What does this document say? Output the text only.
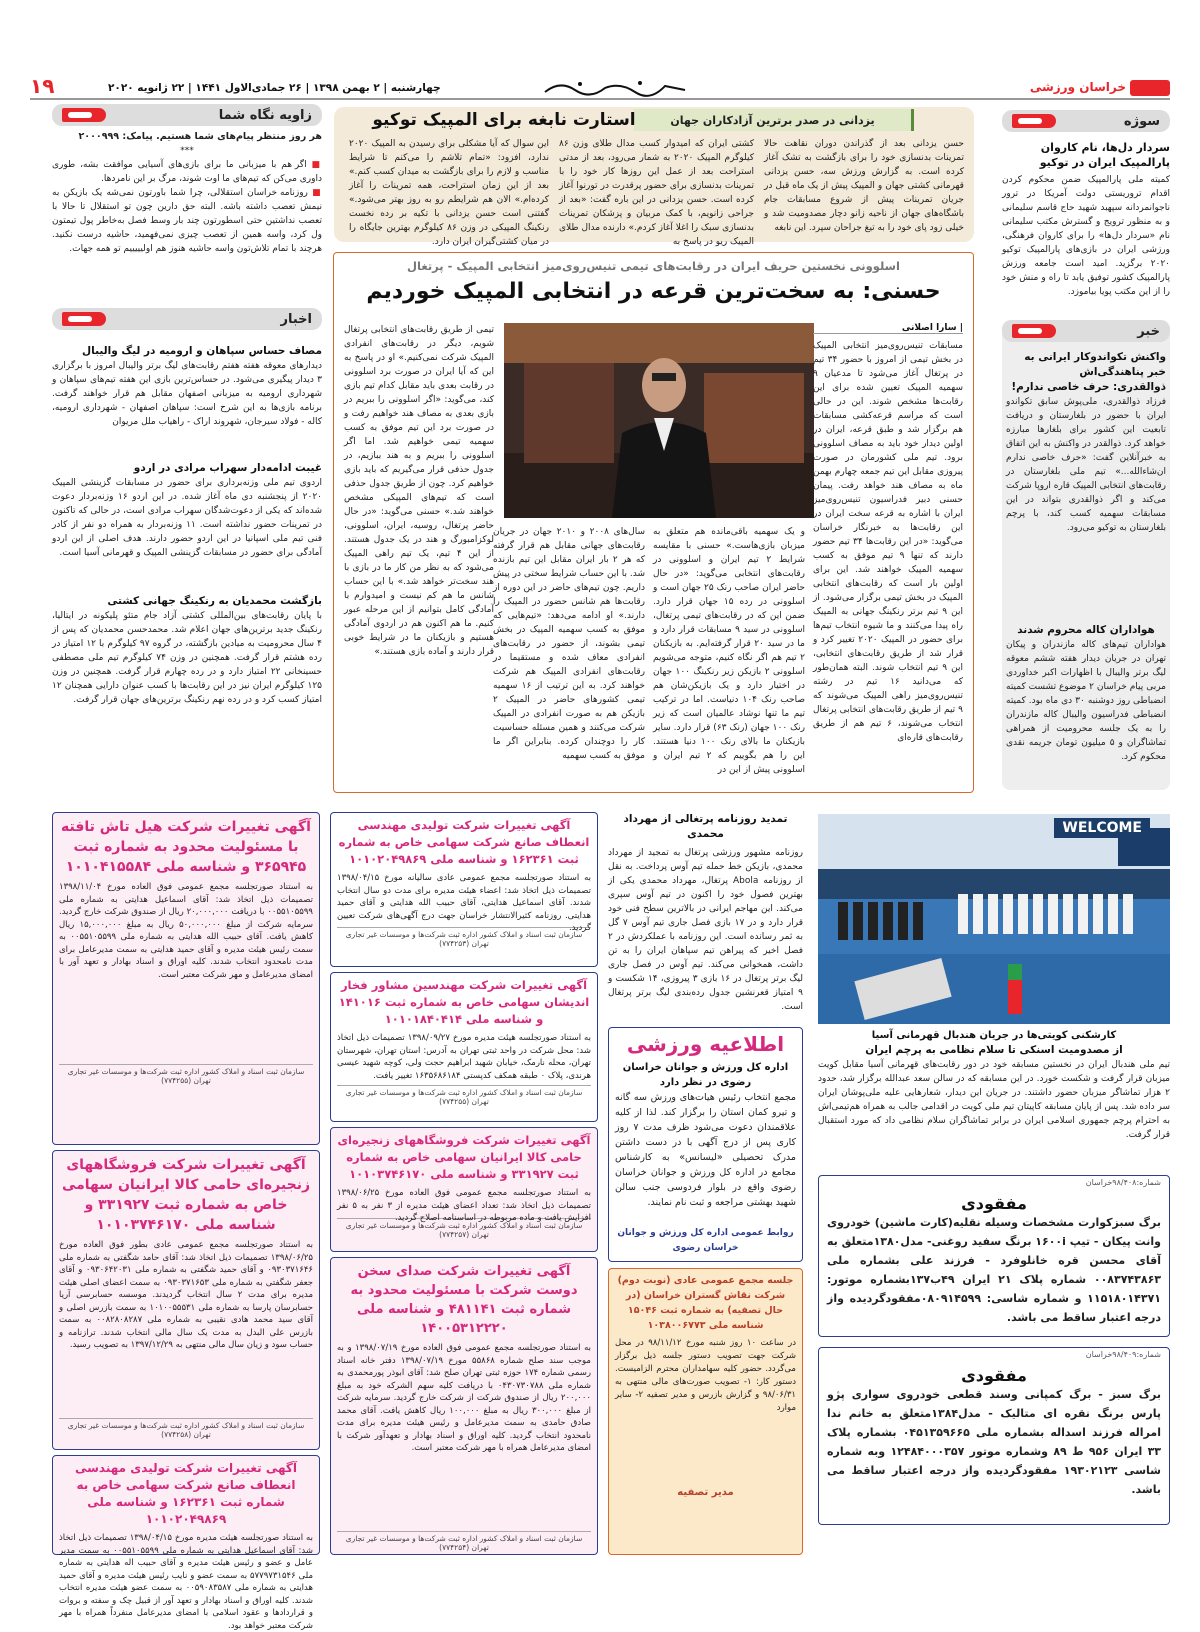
خراسان ورزشی
چهارشنبه | ۲ بهمن ۱۳۹۸ | ۲۶ جمادی‌الاول ۱۴۴۱ | ۲۲ ژانویه ۲۰۲۰
۱۹
سوژه
سردار دل‌ها، نام کاروان
پارالمپیک ایران در توکیو
کمیته ملی پارالمپیک ضمن محکوم کردن اقدام تروریستی دولت آمریکا در ترور ناجوانمردانه سپهبد شهید حاج قاسم سلیمانی و به منظور ترویج و گسترش مکتب سلیمانی نام «سردار دل‌ها» را برای کاروان فرهنگی، ورزشی ایران در بازی‌های پارالمپیک توکیو ۲۰۲۰ برگزید. امید است جامعه ورزش پارالمپیک کشور توفیق یابد تا راه و منش خود را از این مکتب پویا بیاموزد.
خبر
واکنش تکواندوکار ایرانی به خبر پناهندگی‌اش
ذوالقدری: حرف خاصی ندارم!
فرزاد ذوالقدری، ملی‌پوش سابق تکواندو ایران با حضور در بلغارستان و دریافت تابعیت این کشور برای بلغارها مبارزه خواهد کرد. ذوالقدر در واکنش به این اتفاق به خبرآنلاین گفت: «حرف خاصی ندارم ان‌شاءالله...» تیم ملی بلغارستان در رقابت‌های انتخابی المپیک قاره اروپا شرکت می‌کند و اگر ذوالقدری بتواند در این مسابقات سهمیه کسب کند، با پرچم بلغارستان به توکیو می‌رود.
هواداران کاله محروم شدند
هواداران تیم‌های کاله مازندران و پیکان تهران در جریان دیدار هفته ششم معوقه لیگ برتر والیبال با اظهارات اکبر خداوردی مربی پیام خراسان ۲ موضوع تشست کمیته انضباطی روز دوشنبه ۳۰ دی ماه بود. کمیته انضباطی فدراسیون والیبال کاله مازندران را به یک جلسه محرومیت از همراهی تماشاگران و ۵ میلیون تومان جریمه نقدی محکوم کرد.
یزدانی در صدر برترین آزادکاران جهان
استارت نابغه برای المپیک توکیو
حسن یزدانی بعد از گذراندن دوران نقاهت حالا تمرینات بدنسازی خود را برای بازگشت به تشک آغاز کرده است. به گزارش ورزش سه، حسن یزدانی قهرمانی کشتی جهان و المپیک پیش از یک ماه قبل در جریان تمرینات پیش از شروع مسابقات جام باشگاه‌های جهان از ناحیه زانو دچار مصدومیت شد و خیلی زود پای خود را به تیغ جراحان سپرد. این نابغه
کشتی ایران که امیدوار کسب مدال طلای وزن ۸۶ کیلوگرم المپیک ۲۰۲۰ به شمار می‌رود، بعد از مدتی استراحت بعد از عمل این روزها کار خود را با تمرینات بدنسازی برای حضور پرقدرت در تورنوا آغاز کرده است. حسن یزدانی در این باره گفت: «بعد از جراحی زانویم، با کمک مربیان و پزشکان تمرینات بدنسازی سبک را اغلا آغاز کردم.» دارنده مدال طلای المپیک ریو در پاسخ به
این سوال که آیا مشکلی برای رسیدن به المپیک ۲۰۲۰ ندارد، افزود: «تمام تلاشم را می‌کنم تا شرایط مناسب و لازم را برای بازگشت به میدان کسب کنم.» بعد از این زمان استراحت، همه تمرینات را آغاز کرده‌ام.» الان هم شرایطم رو به روز بهتر می‌شود.» گفتنی است حسن یزدانی با تکیه بر رده نخست رنکینگ المپیکی در وزن ۸۶ کیلوگرم بهترین جایگاه را در میان کشتی‌گیران ایران دارد.
زاویه نگاه شما
هر روز منتظر پیام‌های شما هستیم. پیامک: ۲۰۰۰۹۹۹
***
■ اگر هم با میزبانی ما برای بازی‌های آسیایی موافقت بشه، طوری داوری می‌کن که تیم‌های ما اوت شوند، مرگ بر این نامردها.
■ روزنامه خراسان استقلالی، چرا شما باورتون نمی‌شه یک بازیکن به نیمش تعصب داشته باشه. البته حق دارین چون تو استقلال تا حالا با تعصب نداشتین حتی اسطورتون چند بار وسط فصل به‌خاطر پول تیمتون ول کرد، واسه همین از تعصب چیزی نمی‌فهمید، حاشیه درست نکنید. هرچند با تمام تلاش‌تون واسه حاشیه هنوز هم اولیییییم تو همه جهات.
اخبار
مصاف حساس سپاهان و ارومیه در لیگ والیبال
دیدارهای معوقه هفته هفتم رقابت‌های لیگ برتر والیبال امروز با برگزاری ۳ دیدار پیگیری می‌شود. در حساس‌ترین بازی این هفته تیم‌های سپاهان و شهرداری ارومیه به میزبانی اصفهان مقابل هم قرار خواهند گرفت. برنامه بازی‌ها به این شرح است: سپاهان اصفهان - شهرداری ارومیه، کاله - فولاد سیرجان، شهروند اراک - راهیاب ملل مریوان
غیبت ادامه‌دار سهراب مرادی در اردو
اردوی تیم ملی وزنه‌برداری برای حضور در مسابقات گزینشی المپیک ۲۰۲۰ از پنجشنبه دی ماه آغاز شده. در این اردو ۱۶ وزنه‌بردار دعوت شده‌اند که یکی از دعوت‌شدگان سهراب مرادی است، در حالی که تاکنون در تمرینات حضور نداشته است. ۱۱ وزنه‌بردار به همراه دو نفر از کادر فنی تیم ملی اسپانیا در این اردو حضور دارند. هدف اصلی از این اردو آمادگی برای حضور در مسابقات گزینشی المپیک و قهرمانی آسیا است.
بازگشت محمدیان به رنکینگ جهانی کشتی
با پایان رقابت‌های بین‌المللی کشتی آزاد جام متئو پلیکونه در ایتالیا، رنکینگ جدید برترین‌های جهان اعلام شد. محمدحسن محمدیان که پس از ۴ سال محرومیت به میادین بازگشته، در گروه ۹۷ کیلوگرم با ۱۲ امتیاز در رده هشتم قرار گرفت. همچنین در وزن ۷۴ کیلوگرم تیم ملی مصطفی حسینخانی ۲۲ امتیاز دارد و در رده چهارم قرار گرفت. همچنین در وزن ۱۲۵ کیلوگرم ایران نیز در این رقابت‌ها با کسب عنوان دارایی همچنان ۱۲ امتیاز کسب کرد و در رده نهم رنکینگ برترین‌های جهان قرار گرفت.
اسلوونی نخستین حریف ایران در رقابت‌های تیمی تنیس‌روی‌میز انتخابی المپیک - پرتغال
حسنی: به سخت‌ترین قرعه در انتخابی المپیک خوردیم
| سارا اصلانی
مسابقات تنیس‌روی‌میز انتخابی المپیک در بخش تیمی از امروز با حضور ۳۴ تیم در پرتغال آغاز می‌شود تا مدعیان ۹ سهمیه المپیک تعیین شده برای این رقابت‌ها مشخص شوند. این در حالی است که مراسم قرعه‌کشی مسابقات هم برگزار شد و طبق قرعه، ایران در اولین دیدار خود باید به مصاف اسلوونی برود. تیم ملی کشورمان در صورت پیروزی مقابل این تیم جمعه چهارم بهمن ماه به مصاف هند خواهد رفت. پیمان حسنی دبیر فدراسیون تنیس‌روی‌میز ایران با اشاره به قرعه سخت ایران در این رقابت‌ها به خبرنگار خراسان می‌گوید: «در این رقابت‌ها ۳۴ تیم حضور دارند که تنها ۹ تیم موفق به کسب سهمیه المپیک خواهند شد. این برای اولین بار است که رقابت‌های انتخابی المپیک در بخش تیمی برگزار می‌شود. از این ۹ تیم برتر رنکینگ جهانی به المپیک راه پیدا می‌کنند و ما شیوه انتخاب تیم‌ها برای حضور در المپیک ۲۰۲۰ تغییر کرد و قرار شد از طریق رقابت‌های انتخابی، این ۹ تیم انتخاب شوند. البته همان‌طور که می‌دانید ۱۶ تیم در رشته تنیس‌روی‌میز راهی المپیک می‌شوند که ۹ تیم از طریق رقابت‌های انتخابی پرتغال انتخاب می‌شوند، ۶ تیم هم از طریق رقابت‌های قاره‌ای
و یک سهمیه باقی‌مانده هم متعلق به میزبان بازی‌هاست.» حسنی با مقایسه شرایط ۲ تیم ایران و اسلوونی در رقابت‌های انتخابی می‌گوید: «در حال حاضر ایران صاحب رنک ۲۵ جهان است و اسلوونی در رده ۱۵ جهان قرار دارد. ضمن این که در رقابت‌های تیمی پرتغال، اسلوونی در سید ۹ مسابقات قرار دارد و ما در سید ۲۰ قرار گرفته‌ایم. به بازیکنان ۲ تیم هم اگر نگاه کنیم، متوجه می‌شویم اسلوونی ۲ بازیکن زیر رنکینگ ۱۰۰ جهان در اختیار دارد و یک بازیکن‌شان هم صاحب رنک ۱۰۴ دنیاست. اما در ترکیب تیم ما تنها نوشاد عالمیان است که زیر رنک ۱۰۰ جهان (رنک ۶۳) قرار دارد. سایر بازیکنان ما بالای رنک ۱۰۰ دنیا هستند. این را هم بگوییم که ۲ تیم ایران و اسلوونی پیش از این در
سال‌های ۲۰۰۸ و ۲۰۱۰ جهان در جریان رقابت‌های جهانی مقابل هم قرار گرفته که هر ۲ بار ایران مقابل این تیم بازنده شد. با این حساب شرایط سختی در پیش داریم. چون تیم‌های حاضر در این دوره از رقابت‌ها هم شانس حضور در المپیک را دارند.» او ادامه می‌دهد: «تیم‌هایی که موفق به کسب سهمیه المپیک در بخش تیمی بشوند، از حضور در رقابت‌های انفرادی معاف شده و مستقیما در رقابت‌های انفرادی المپیک هم شرکت خواهند کرد. به این ترتیب از ۱۶ سهمیه تیمی کشورهای حاضر در المپیک ۲ بازیکن هم به صورت انفرادی در المپیک شرکت می‌کنند و همین مسئله حساسیت کار را دوچندان کرده. بنابراین اگر ما موفق به کسب سهمیه
تیمی از طریق رقابت‌های انتخابی پرتغال شویم، دیگر در رقابت‌های انفرادی المپیک شرکت نمی‌کنیم.» او در پاسخ به این که آیا ایران در صورت برد اسلوونی در رقابت بعدی باید مقابل کدام تیم بازی کند، می‌گوید: «اگر اسلوونی را ببریم در بازی بعدی به مصاف هند خواهیم رفت و در صورت برد این تیم موفق به کسب سهمیه تیمی خواهیم شد. اما اگر اسلوونی را ببریم و به هند ببازیم، در جدول حذفی قرار می‌گیریم که باید بازی خواهیم کرد. چون از طریق جدول حذفی است که تیم‌های المپیکی مشخص خواهند شد.» حسنی می‌گوید: «در حال حاضر پرتغال، روسیه، ایران، اسلوونی، لوکزامبورگ و هند در یک جدول هستند. از این ۴ تیم، یک تیم راهی المپیک می‌شود که به نظر من کار ما در بازی با هند سخت‌تر خواهد شد.» با این حساب شانس ما هم کم نیست و امیدوارم با آمادگی کامل بتوانیم از این مرحله عبور کنیم. ما هم اکنون هم در اردوی آمادگی هستیم و بازیکنان ما در شرایط خوبی قرار دارند و آماده بازی هستند.»
آگهی تغییرات شرکت هیل تاش تافته با مسئولیت محدود به شماره ثبت ۳۶۵۹۴۵ و شناسه ملی ۱۰۱۰۴۱۵۵۸۴
به استناد صورتجلسه مجمع عمومی فوق العاده مورخ ۱۳۹۸/۱۱/۰۴ تصمیمات ذیل اتخاذ شد: آقای اسماعیل هدایتی به شماره ملی ۰۰۵۵۱۰۵۵۹۹ با دریافت ۲۰,۰۰۰,۰۰۰ ریال از صندوق شرکت خارج گردید. سرمایه شرکت از مبلغ ۵۰,۰۰۰,۰۰۰ ریال به مبلغ ۱۵,۰۰۰,۰۰۰ ریال کاهش یافت. آقای حبیب الله هدایتی به شماره ملی ۰۰۵۵۱۰۵۵۹۹ به سمت رئیس هیئت مدیره و آقای حمید هدایتی به سمت مدیرعامل برای مدت نامحدود انتخاب شدند. کلیه اوراق و اسناد بهادار و تعهد آور با امضای مدیرعامل و مهر شرکت معتبر است.
سازمان ثبت اسناد و املاک کشور اداره ثبت شرکت‌ها و موسسات غیر تجاری تهران (۷۷۴۲۵۵)
آگهی تغییرات شرکت فروشگاههای زنجیره‌ای حامی کالا ایرانیان سهامی خاص به شماره ثبت ۳۳۱۹۲۷ و شناسه ملی ۱۰۱۰۳۷۴۶۱۷۰
به استناد صورتجلسه مجمع عمومی عادی بطور فوق العاده مورخ ۱۳۹۸/۰۶/۲۵ تصمیمات ذیل اتخاذ شد: آقای حامد شگفتی به شماره ملی ۰۹۳۰۳۷۱۶۴۶ و آقای حمید شگفتی به شماره ملی ۰۹۳۰۶۴۲۰۳۱ و آقای جعفر شگفتی به شماره ملی ۰۹۳۰۳۷۱۶۵۳ به سمت اعضای اصلی هیئت مدیره برای مدت ۲ سال انتخاب گردیدند. موسسه حسابرسی آریا حسابرسان پارسا به شماره ملی ۱۰۱۰۰۵۵۵۳۱ به سمت بازرس اصلی و آقای سید محمد هادی نقیبی به شماره ملی ۰۰۸۲۸۰۸۲۸۷ به سمت بازرس علی البدل به مدت یک سال مالی انتخاب شدند. ترازنامه و حساب سود و زیان سال مالی منتهی به ۱۳۹۷/۱۲/۲۹ به تصویب رسید.
سازمان ثبت اسناد و املاک کشور اداره ثبت شرکت‌ها و موسسات غیر تجاری تهران (۷۷۴۲۵۸)
آگهی تغییرات شرکت تولیدی مهندسی انعطاف صانع شرکت سهامی خاص به شماره ثبت ۱۶۲۳۶۱ و شناسه ملی ۱۰۱۰۲۰۴۹۸۶۹
به استناد صورتجلسه هیئت مدیره مورخ ۱۳۹۸/۰۴/۱۵ تصمیمات ذیل اتخاذ شد: آقای اسماعیل هدایتی به شماره ملی ۰۰۵۵۱۰۵۵۹۹ به سمت مدیر عامل و عضو و رئیس هیئت مدیره و آقای حبیب اله هدایتی به شماره ملی ۵۷۷۹۷۳۱۵۴۶ به سمت عضو و نایب رئیس هیئت مدیره و آقای حمید هدایتی به شماره ملی ۰۰۵۹۰۸۳۵۸۷ به سمت عضو هیئت مدیره انتخاب شدند. کلیه اوراق و اسناد بهادار و تعهد آور از قبیل چک و سفته و بروات و قراردادها و عقود اسلامی با امضای مدیرعامل منفرداً همراه با مهر شرکت معتبر خواهد بود.
آگهی تغییرات شرکت تولیدی مهندسی انعطاف صانع شرکت سهامی خاص به شماره ثبت ۱۶۲۳۶۱ و شناسه ملی ۱۰۱۰۲۰۴۹۸۶۹
به استناد صورتجلسه مجمع عمومی عادی سالیانه مورخ ۱۳۹۸/۰۴/۱۵ تصمیمات ذیل اتخاذ شد: اعضاء هیئت مدیره برای مدت دو سال انتخاب شدند. آقای اسماعیل هدایتی، آقای حبیب الله هدایتی و آقای حمید هدایتی. روزنامه کثیرالانتشار خراسان جهت درج آگهی‌های شرکت تعیین گردید.
سازمان ثبت اسناد و املاک کشور اداره ثبت شرکت‌ها و موسسات غیر تجاری تهران (۷۷۴۲۵۳)
آگهی تغییرات شرکت مهندسین مشاور فخار اندیشان سهامی خاص به شماره ثبت ۱۴۱۰۱۶ و شناسه ملی ۱۰۱۰۱۸۴۰۴۱۴
به استناد صورتجلسه هیئت مدیره مورخ ۱۳۹۸/۰۹/۲۷ تصمیمات ذیل اتخاذ شد: محل شرکت در واحد ثبتی تهران به آدرس: استان تهران، شهرستان تهران، محله نارمک، خیابان شهید ابراهیم حجت ولی، کوچه شهید عیسی هرندی، پلاک ۰ طبقه همکف کدپستی ۱۶۳۵۶۸۶۱۸۴ تغییر یافت.
سازمان ثبت اسناد و املاک کشور اداره ثبت شرکت‌ها و موسسات غیر تجاری تهران (۷۷۴۲۵۵)
آگهی تغییرات شرکت فروشگاههای زنجیره‌ای حامی کالا ایرانیان سهامی خاص به شماره ثبت ۳۳۱۹۲۷ و شناسه ملی ۱۰۱۰۳۷۴۶۱۷۰
به استناد صورتجلسه مجمع عمومی فوق العاده مورخ ۱۳۹۸/۰۶/۲۵ تصمیمات ذیل اتخاذ شد: تعداد اعضای هیئت مدیره از ۳ نفر به ۵ نفر افزایش یافت و ماده مربوطه در اساسنامه اصلاح گردید.
سازمان ثبت اسناد و املاک کشور اداره ثبت شرکت‌ها و موسسات غیر تجاری تهران (۷۷۴۲۵۷)
آگهی تغییرات شرکت صدای سخن دوست شرکت با مسئولیت محدود به شماره ثبت ۴۸۱۱۴۱ و شناسه ملی ۱۴۰۰۵۳۱۲۲۲۰
به استناد صورتجلسه مجمع عمومی فوق العاده مورخ ۱۳۹۸/۰۷/۱۹ و به موجب سند صلح شماره ۵۵۸۶۸ مورخ ۱۳۹۸/۰۷/۱۹ دفتر خانه اسناد رسمی شماره ۱۷۴ حوزه ثبتی تهران صلح شد: آقای ابوذر پورمحمدی به شماره ملی ۰۴۳۰۷۳۰۷۸۸ با دریافت کلیه سهم الشرکه خود به مبلغ ۲۰۰,۰۰۰ ریال از صندوق شرکت از شرکت خارج گردید. سرمایه شرکت از مبلغ ۳۰۰,۰۰۰ ریال به مبلغ ۱۰۰,۰۰۰ ریال کاهش یافت. آقای محمد صادق حامدی به سمت مدیرعامل و رئیس هیئت مدیره برای مدت نامحدود انتخاب گردید. کلیه اوراق و اسناد بهادار و تعهدآور شرکت با امضای مدیرعامل همراه با مهر شرکت معتبر است.
سازمان ثبت اسناد و املاک کشور اداره ثبت شرکت‌ها و موسسات غیر تجاری تهران (۷۷۴۲۵۴)
تمدید روزنامه پرتغالی از مهرداد محمدی
روزنامه مشهور ورزشی پرتغال به تمجید از مهرداد محمدی، بازیکن خط حمله تیم آوس پرداخت. به نقل از روزنامه Abola پرتغال، مهرداد محمدی یکی از بهترین فصول خود را اکنون در تیم آوس سپری می‌کند. این مهاجم ایرانی در بالاترین سطح فنی خود قرار دارد و در ۱۷ بازی فصل جاری تیم آوس ۷ گل به ثمر رسانده است. این روزنامه با عملکردش در ۲ فصل اخیر که پیراهن تیم سپاهان ایران را به تن داشت، همخوانی می‌کند. تیم آوس در فصل جاری لیگ برتر پرتغال در ۱۶ بازی ۳ پیروزی، ۱۴ شکست و ۹ امتیاز قعرنشین جدول رده‌بندی لیگ برتر پرتغال است.
اطلاعیه ورزشی
اداره کل ورزش و جوانان خراسان رضوی در نظر دارد
مجمع انتخاب رئیس هیات‌های ورزش سه گانه و تیرو کمان استان را برگزار کند. لذا از کلیه علاقمندان دعوت می‌شود ظرف مدت ۷ روز کاری پس از درج آگهی با در دست داشتن مدرک تحصیلی «لیسانس» به کارشناس مجامع در اداره کل ورزش و جوانان خراسان رضوی واقع در بلوار فردوسی جنب سالن شهید بهشتی مراجعه و ثبت نام نمایند.
روابط عمومی اداره کل ورزش و جوانان خراسان رضوی
جلسه مجمع عمومی عادی (نوبت دوم) شرکت نقاش گستران خراسان (در حال تصفیه) به شماره ثبت ۱۵۰۴۶ شناسه ملی ۱۰۳۸۰۰۶۷۷۳
در ساعت ۱۰ روز شنبه مورخ ۹۸/۱۱/۱۲ در محل شرکت جهت تصویب دستور جلسه ذیل برگزار می‌گردد. حضور کلیه سهامداران محترم الزامیست. دستور کار: ۱- تصویب صورت‌های مالی منتهی به ۹۸/۰۶/۳۱ و گزارش بازرس و مدیر تصفیه ۲- سایر موارد
مدیر تصفیه
WELCOME
کارشکنی کویتی‌ها در جریان هندبال قهرمانی آسیا
از مصدومیت اسنکی تا سلام نظامی به پرچم ایران
تیم ملی هندبال ایران در نخستین مسابقه خود در دور رقابت‌های قهرمانی آسیا مقابل کویت میزبان قرار گرفت و شکست خورد. در این مسابقه که در سالن سعد عبدالله برگزار شد، حدود ۲ هزار تماشاگر میزبان حضور داشتند. در جریان این دیدار، شعارهایی علیه ملی‌پوشان ایران سر داده شد. پس از پایان مسابقه کاپیتان تیم ملی کویت در اقدامی جالب به همراه هم‌تیمی‌اش به احترام پرچم جمهوری اسلامی ایران در برابر تماشاگران سلام نظامی داد که مورد استقبال قرار گرفت.
شماره:۹۸/۴۰۸خراسان
مفقودی
برگ سبزکوارت مشخصات وسیله نقلیه(کارت ماشین) خودروی وانت پیکان - تیپ ۱۶۰۰i برنگ سفید روغنی- مدل۱۳۸۰متعلق به آقای محسن قره خانلوفرد - فرزند علی بشماره ملی ۰۰۸۳۷۴۳۸۶۳ شماره پلاک ۲۱ ایران ۴۹ب۱۳۷بشماره موتور: ۱۱۵۱۸۰۱۴۳۷۱ و شماره شاسی: ۰۸۰۹۱۴۵۹۹مفقودگردیده واز درجه اعتبار ساقط می باشد.
شماره:۹۸/۴۰۹خراسان
مفقودی
برگ سبز - برگ کمپانی وسند قطعی خودروی سواری پژو پارس برنگ نقره ای متالیک - مدل۱۳۸۴متعلق به خانم ندا امراله فرزند اسداله بشماره ملی ۰۴۵۱۳۵۹۶۶۵ بشماره پلاک ۳۳ ایران ۹۵۶ ط ۸۹ وشماره موتور ۱۲۴۸۴۰۰۰۳۵۷ وبه شماره شاسی ۱۹۳۰۲۱۲۳ مفقودگردیده واز درجه اعتبار ساقط می باشد.
